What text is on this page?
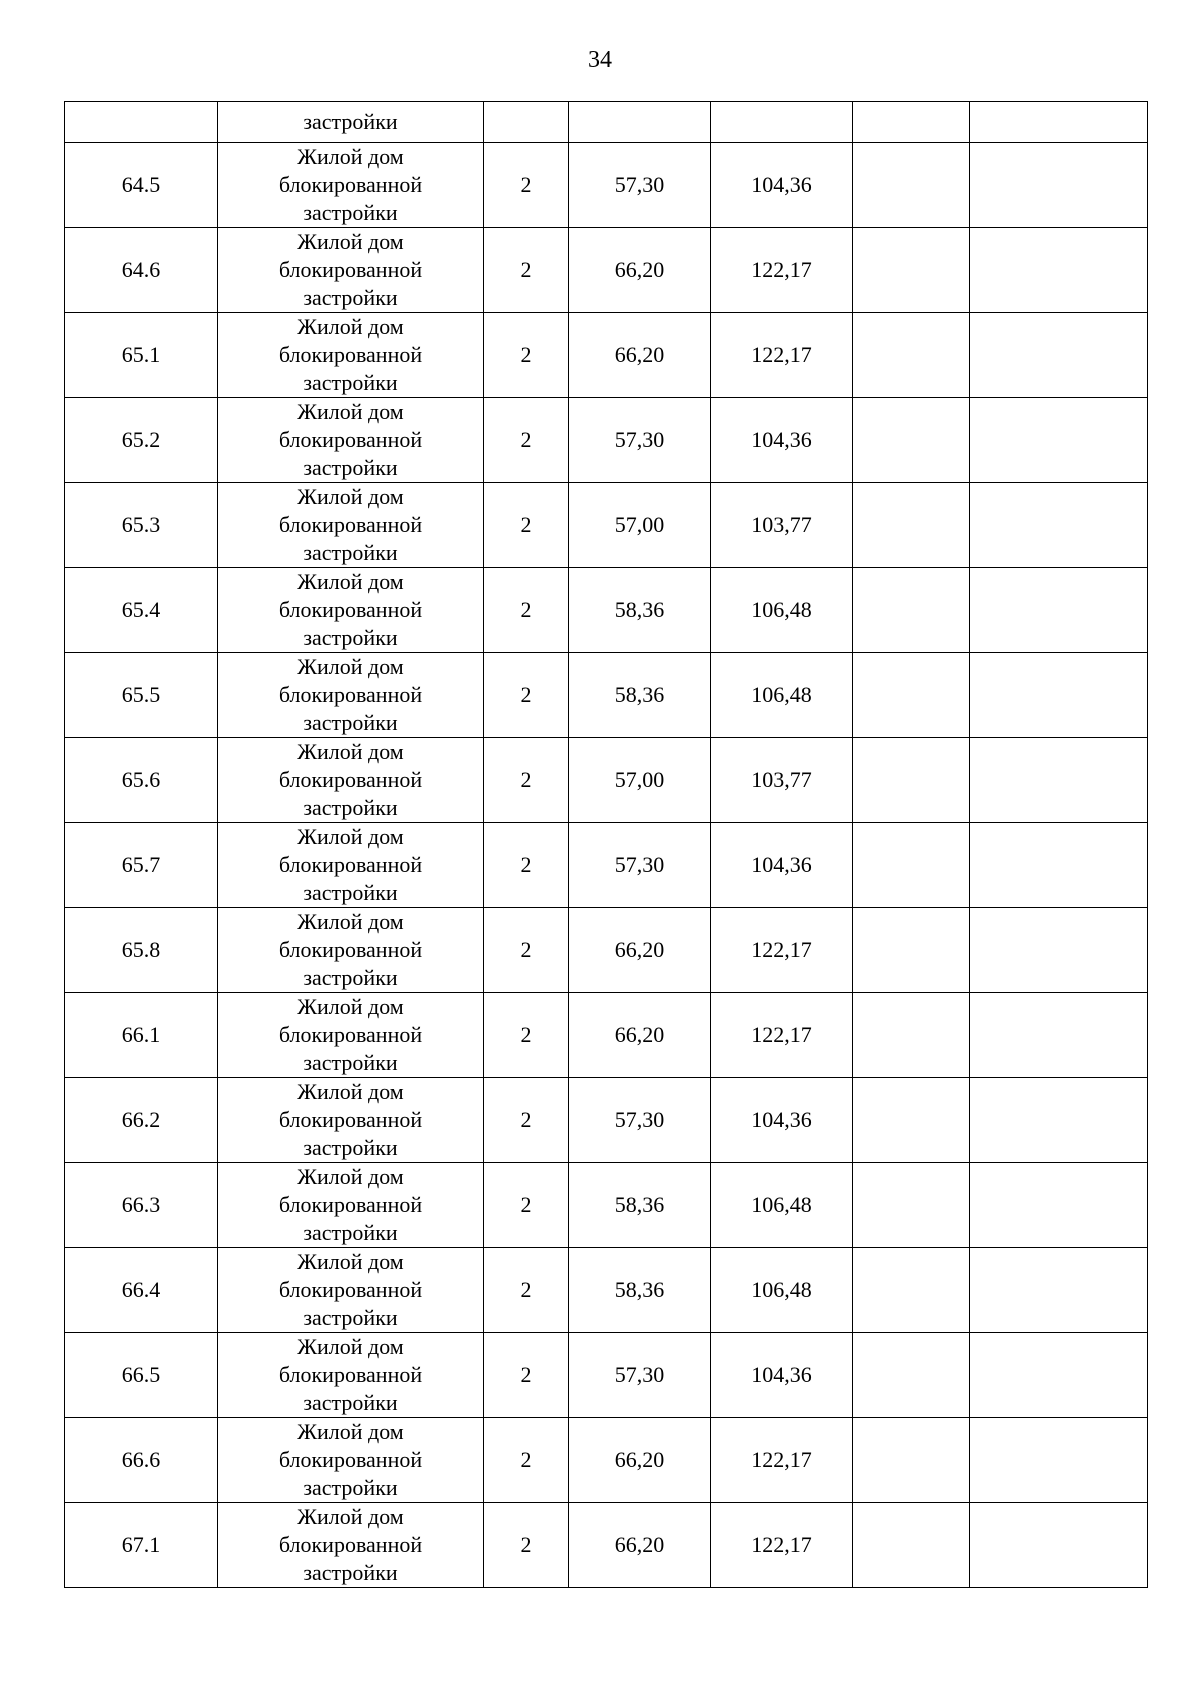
34
	застройки					
64.5	Жилой дом
блокированной
застройки	2	57,30	104,36		
64.6	Жилой дом
блокированной
застройки	2	66,20	122,17		
65.1	Жилой дом
блокированной
застройки	2	66,20	122,17		
65.2	Жилой дом
блокированной
застройки	2	57,30	104,36		
65.3	Жилой дом
блокированной
застройки	2	57,00	103,77		
65.4	Жилой дом
блокированной
застройки	2	58,36	106,48		
65.5	Жилой дом
блокированной
застройки	2	58,36	106,48		
65.6	Жилой дом
блокированной
застройки	2	57,00	103,77		
65.7	Жилой дом
блокированной
застройки	2	57,30	104,36		
65.8	Жилой дом
блокированной
застройки	2	66,20	122,17		
66.1	Жилой дом
блокированной
застройки	2	66,20	122,17		
66.2	Жилой дом
блокированной
застройки	2	57,30	104,36		
66.3	Жилой дом
блокированной
застройки	2	58,36	106,48		
66.4	Жилой дом
блокированной
застройки	2	58,36	106,48		
66.5	Жилой дом
блокированной
застройки	2	57,30	104,36		
66.6	Жилой дом
блокированной
застройки	2	66,20	122,17		
67.1	Жилой дом
блокированной
застройки	2	66,20	122,17		
